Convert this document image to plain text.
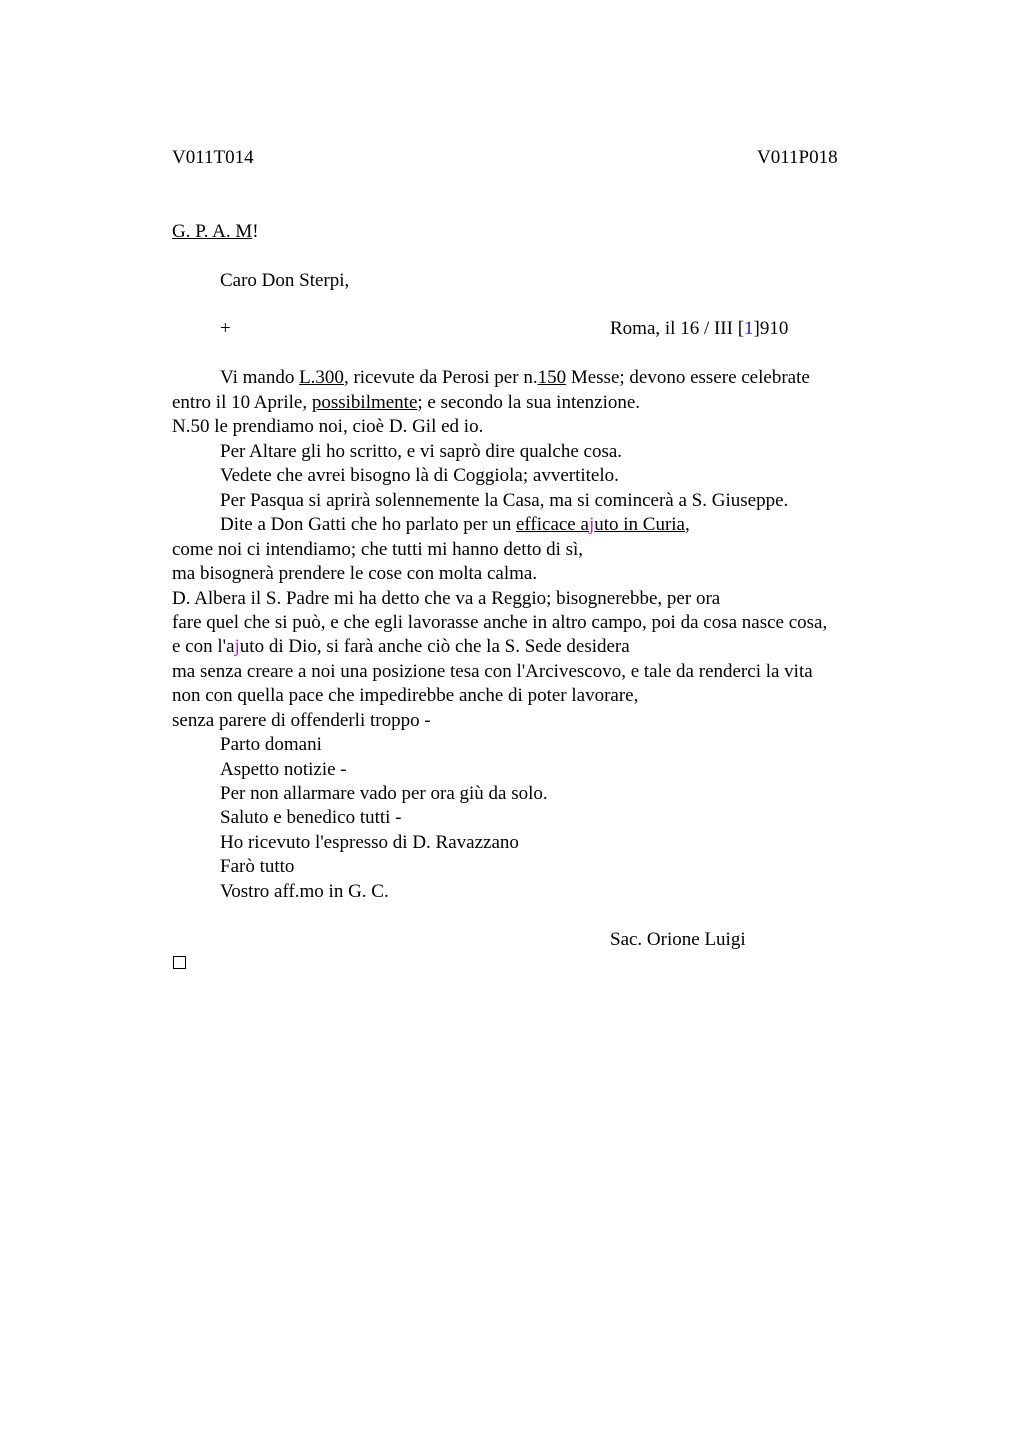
V011T014	V011P018
G. P. A. M!
Caro Don Sterpi,
+	Roma, il 16 / III [1]910
Vi mando L.300, ricevute da Perosi per n.150 Messe; devono essere celebrate
entro il 10 Aprile, possibilmente; e secondo la sua intenzione.
N.50 le prendiamo noi, cioè D. Gil ed io.
Per Altare gli ho scritto, e vi saprò dire qualche cosa.
Vedete che avrei bisogno là di Coggiola; avvertitelo.
Per Pasqua si aprirà solennemente la Casa, ma si comincerà a S. Giuseppe.
Dite a Don Gatti che ho parlato per un efficace ajuto in Curia,
come noi ci intendiamo; che tutti mi hanno detto di sì,
ma bisognerà prendere le cose con molta calma.
D. Albera il S. Padre mi ha detto che va a Reggio; bisognerebbe, per ora
fare quel che si può, e che egli lavorasse anche in altro campo, poi da cosa nasce cosa,
e con l'ajuto di Dio, si farà anche ciò che la S. Sede desidera
ma senza creare a noi una posizione tesa con l'Arcivescovo, e tale da renderci la vita
non con quella pace che impedirebbe anche di poter lavorare,
senza parere di offenderli troppo -
Parto domani
Aspetto notizie -
Per non allarmare vado per ora giù da solo.
Saluto e benedico tutti -
Ho ricevuto l'espresso di D. Ravazzano
Farò tutto
Vostro aff.mo in G. C.
Sac. Orione Luigi
